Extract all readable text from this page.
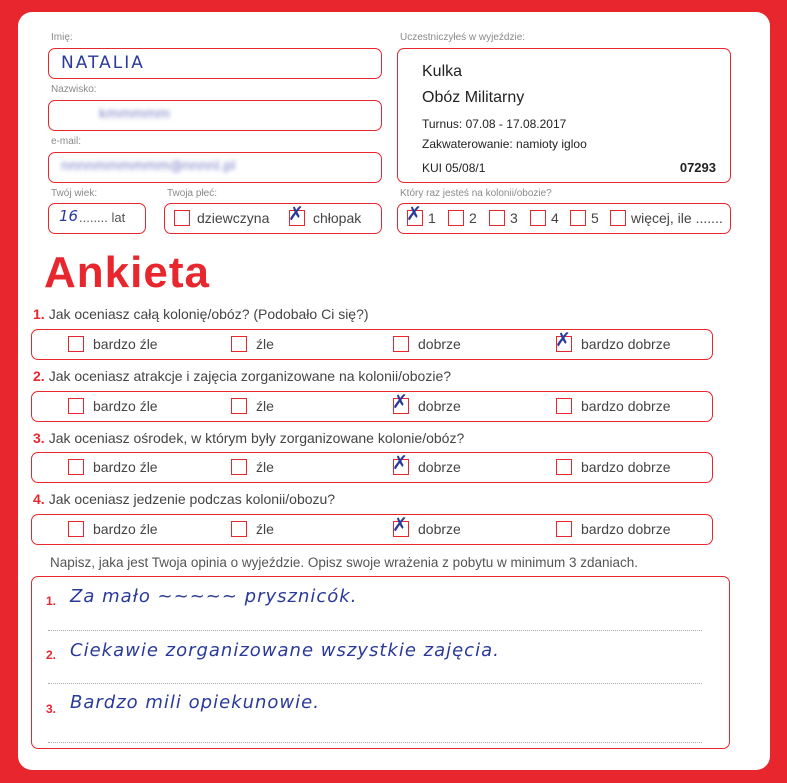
Imię:
NATALIA
Nazwisko:
kmmmmm
e-mail:
nnnnmmmmmm@nnnnl.pl
Twój wiek:
16 ........ lat
Twoja płeć:
dziewczyna ✗ chłopak
Uczestniczyłeś w wyjeździe:
Kulka
Obóz Militarny
Turnus: 07.08 - 17.08.2017
Zakwaterowanie: namioty igloo
KUI 05/08/1	07293
Który raz jesteś na kolonii/obozie?
✗ 1 2 3 4 5 więcej, ile .......
Ankieta
1. Jak oceniasz całą kolonię/obóz? (Podobało Ci się?)
bardzo źle	źle	dobrze	✗ bardzo dobrze
2. Jak oceniasz atrakcje i zajęcia zorganizowane na kolonii/obozie?
bardzo źle	źle	✗ dobrze	bardzo dobrze
3. Jak oceniasz ośrodek, w którym były zorganizowane kolonie/obóz?
bardzo źle	źle	✗ dobrze	bardzo dobrze
4. Jak oceniasz jedzenie podczas kolonii/obozu?
bardzo źle	źle	✗ dobrze	bardzo dobrze
Napisz, jaka jest Twoja opinia o wyjeździe. Opisz swoje wrażenia z pobytu w minimum 3 zdaniach.
1. Za mało ~~~~~ prysznicók.
2. Ciekawie zorganizowane wszystkie zajęcia.
3. Bardzo mili opiekunowie.
